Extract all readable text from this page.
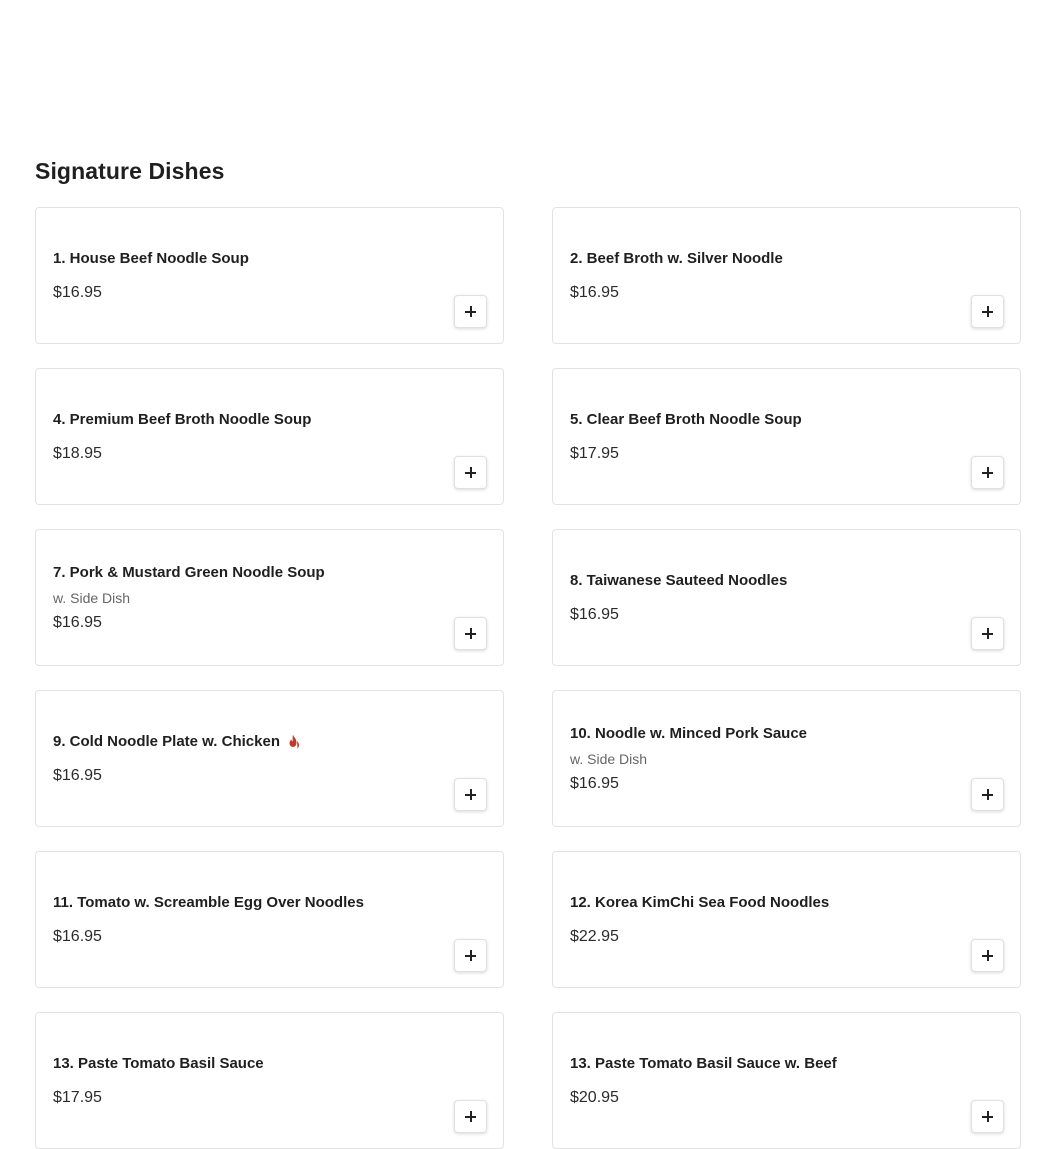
Signature Dishes
1. House Beef Noodle Soup
$16.95
2. Beef Broth w. Silver Noodle
$16.95
4. Premium Beef Broth Noodle Soup
$18.95
5. Clear Beef Broth Noodle Soup
$17.95
7. Pork & Mustard Green Noodle Soup
w. Side Dish
$16.95
8. Taiwanese Sauteed Noodles
$16.95
9. Cold Noodle Plate w. Chicken
$16.95
10. Noodle w. Minced Pork Sauce
w. Side Dish
$16.95
11. Tomato w. Screamble Egg Over Noodles
$16.95
12. Korea KimChi Sea Food Noodles
$22.95
13. Paste Tomato Basil Sauce
$17.95
13. Paste Tomato Basil Sauce w. Beef
$20.95
